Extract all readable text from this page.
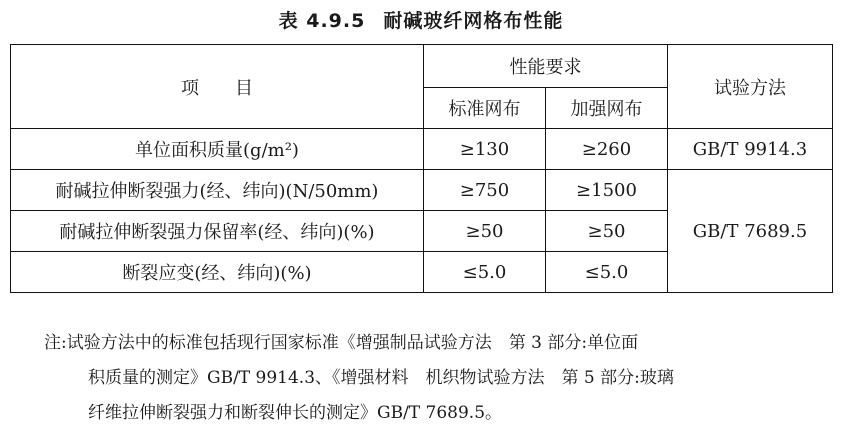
表 4.9.5 耐碱玻纤网格布性能
项　　目	性能要求		试验方法
	标准网布	加强网布	
单位面积质量(g/m²)	≥130	≥260	GB/T 9914.3
耐碱拉伸断裂强力(经、纬向)(N/50mm)	≥750	≥1500	GB/T 7689.5
耐碱拉伸断裂强力保留率(经、纬向)(%)	≥50	≥50	
断裂应变(经、纬向)(%)	≤5.0	≤5.0	
注:试验方法中的标准包括现行国家标准《增强制品试验方法　第 3 部分:单位面
积质量的测定》GB/T 9914.3、《增强材料　机织物试验方法　第 5 部分:玻璃
纤维拉伸断裂强力和断裂伸长的测定》GB/T 7689.5。
